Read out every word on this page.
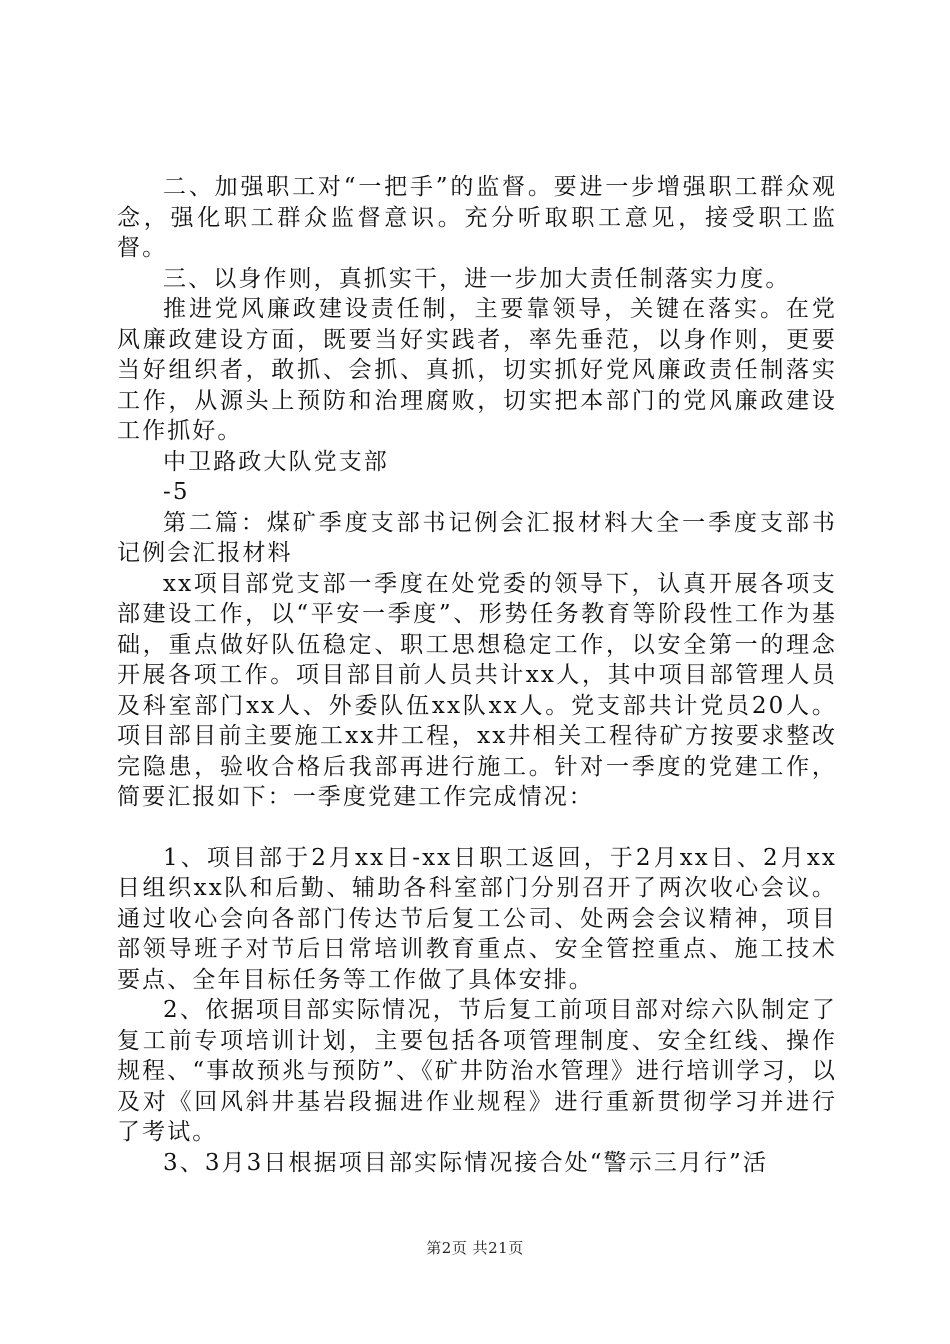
二、加强职工对“一把手”的监督。要进一步增强职工群众观念，强化职工群众监督意识。充分听取职工意见，接受职工监督。

三、以身作则，真抓实干，进一步加大责任制落实力度。

推进党风廉政建设责任制，主要靠领导，关键在落实。在党风廉政建设方面，既要当好实践者，率先垂范，以身作则，更要当好组织者，敢抓、会抓、真抓，切实抓好党风廉政责任制落实工作，从源头上预防和治理腐败，切实把本部门的党风廉政建设工作抓好。

中卫路政大队党支部

-5

第二篇：煤矿季度支部书记例会汇报材料大全一季度支部书记例会汇报材料

xx项目部党支部一季度在处党委的领导下，认真开展各项支部建设工作，以“平安一季度”、形势任务教育等阶段性工作为基础，重点做好队伍稳定、职工思想稳定工作，以安全第一的理念开展各项工作。项目部目前人员共计xx人，其中项目部管理人员及科室部门xx人、外委队伍xx队xx人。党支部共计党员20人。项目部目前主要施工xx井工程，xx井相关工程待矿方按要求整改完隐患，验收合格后我部再进行施工。针对一季度的党建工作，简要汇报如下：一季度党建工作完成情况：

1、项目部于2月xx日-xx日职工返回，于2月xx日、2月xx日组织xx队和后勤、辅助各科室部门分别召开了两次收心会议。通过收心会向各部门传达节后复工公司、处两会会议精神，项目部领导班子对节后日常培训教育重点、安全管控重点、施工技术要点、全年目标任务等工作做了具体安排。

2、依据项目部实际情况，节后复工前项目部对综六队制定了复工前专项培训计划，主要包括各项管理制度、安全红线、操作规程、“事故预兆与预防”、《矿井防治水管理》进行培训学习，以及对《回风斜井基岩段掘进作业规程》进行重新贯彻学习并进行了考试。

3、3月3日根据项目部实际情况接合处“警示三月行”活

第2页 共21页
